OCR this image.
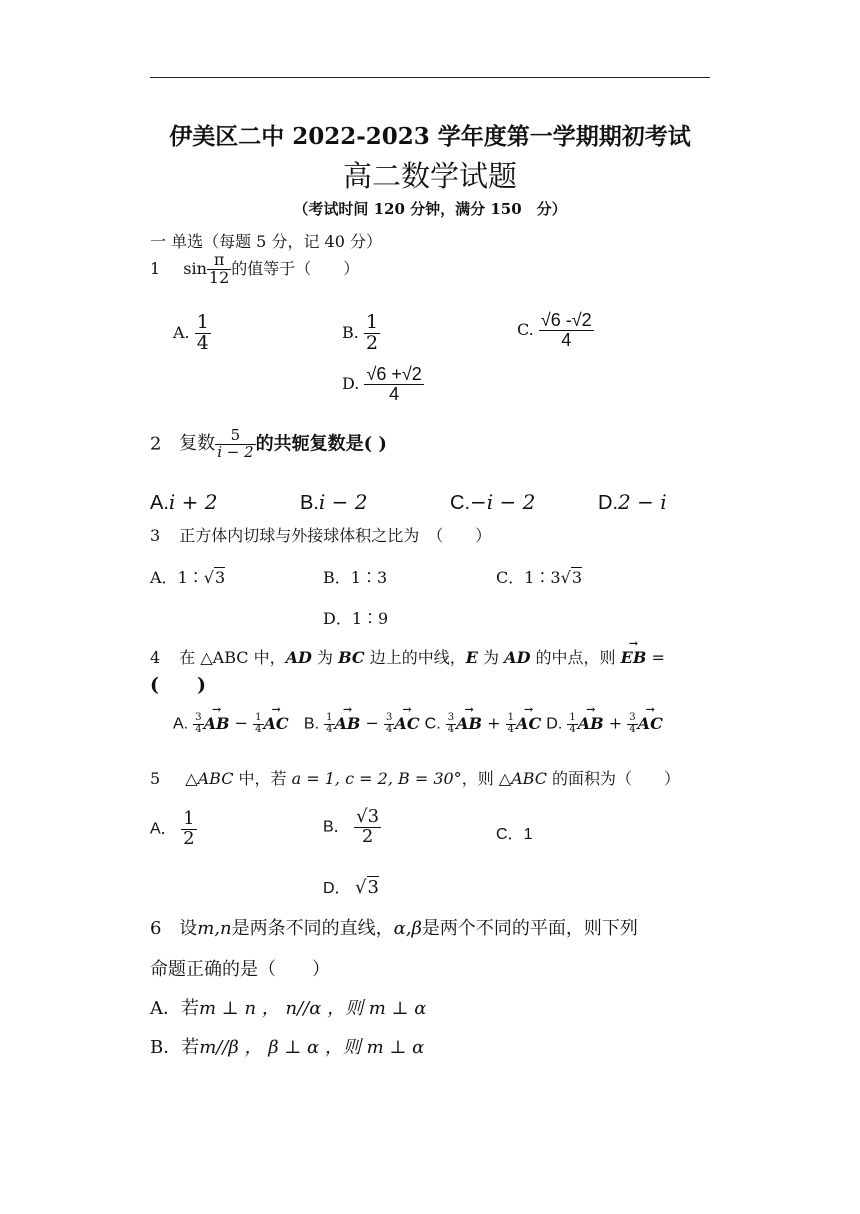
伊美区二中 2022-2023 学年度第一学期期初考试
高二数学试题
（考试时间 120 分钟，满分 150　分）
一 单选（每题 5 分，记 40 分）
1 $\sin \frac{\pi}{12}$ 的值等于（　　）
A. $\frac{1}{4}$	B. $\frac{1}{2}$	C. $\frac{√6 -√2}{4}$
D. $\frac{√6 +√2}{4}$
2 复数 $\frac{5}{i - 2}$ 的共轭复数是( )
A.i + 2	B.i − 2	C.−i − 2	D.2 − i
3 正方体内切球与外接球体积之比为　（　　）
A．1∶√3	B．1∶3	C．1∶3√3
D．1∶9
4 在 △ABC 中，AD 为 BC 边上的中线，E 为 AD 的中点，则 → EB =
(　　)
A. $\frac{3}{4}$ → AB − $\frac{1}{4}$ → AC B. $\frac{1}{4}$ → AB − $\frac{3}{4}$ → AC C. $\frac{3}{4}$ → AB + $\frac{1}{4}$ → AC D. $\frac{1}{4}$ → AB + $\frac{3}{4}$ → AC
5 △ABC 中，若 a = 1, c = 2, B = 30°，则 △ABC 的面积为（　　）
A． $\frac{1}{2}$	B． $\frac{√3}{2}$	C．1
D． √3
6 设m,n是两条不同的直线，α,β是两个不同的平面，则下列
命题正确的是（　　）
A．若m ⊥ n ， n//α ，则 m ⊥ α
B．若m//β ， β ⊥ α ，则 m ⊥ α
